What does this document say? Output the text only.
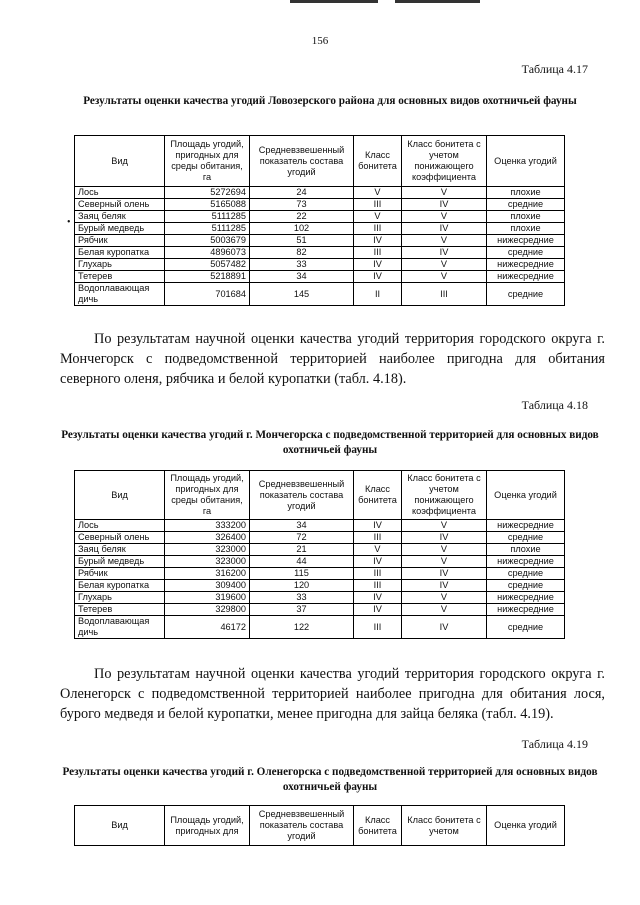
156
Таблица 4.17
Результаты оценки качества угодий Ловозерского района для основных видов охотничьей фауны
Вид	Площадь угодий, пригодных для среды обитания, га	Средневзвешенный показатель состава угодий	Класс бонитета	Класс бонитета с учетом понижающего коэффициента	Оценка угодий
Лось	5272694	24	V	V	плохие
Северный олень	5165088	73	III	IV	средние
Заяц беляк	5111285	22	V	V	плохие
Бурый медведь	5111285	102	III	IV	плохие
Рябчик	5003679	51	IV	V	нижесредние
Белая куропатка	4896073	82	III	IV	средние
Глухарь	5057482	33	IV	V	нижесредние
Тетерев	5218891	34	IV	V	нижесредние
Водоплавающая дичь	701684	145	II	III	средние
•
По результатам научной оценки качества угодий территория городского округа г. Мончегорск с подведомственной территорией наиболее пригодна для обитания северного оленя, рябчика и белой куропатки (табл. 4.18).
Таблица 4.18
Результаты оценки качества угодий г. Мончегорска с подведомственной территорией для основных видов охотничьей фауны
Вид	Площадь угодий, пригодных для среды обитания, га	Средневзвешенный показатель состава угодий	Класс бонитета	Класс бонитета с учетом понижающего коэффициента	Оценка угодий
Лось	333200	34	IV	V	нижесредние
Северный олень	326400	72	III	IV	средние
Заяц беляк	323000	21	V	V	плохие
Бурый медведь	323000	44	IV	V	нижесредние
Рябчик	316200	115	III	IV	средние
Белая куропатка	309400	120	III	IV	средние
Глухарь	319600	33	IV	V	нижесредние
Тетерев	329800	37	IV	V	нижесредние
Водоплавающая дичь	46172	122	III	IV	средние
По результатам научной оценки качества угодий территория городского округа г. Оленегорск с подведомственной территорией наиболее пригодна для обитания лося, бурого медведя и белой куропатки, менее пригодна для зайца беляка (табл. 4.19).
Таблица 4.19
Результаты оценки качества угодий г. Оленегорска с подведомственной территорией для основных видов охотничьей фауны
Вид	Площадь угодий, пригодных для	Средневзвешенный показатель состава угодий	Класс бонитета	Класс бонитета с учетом	Оценка угодий
